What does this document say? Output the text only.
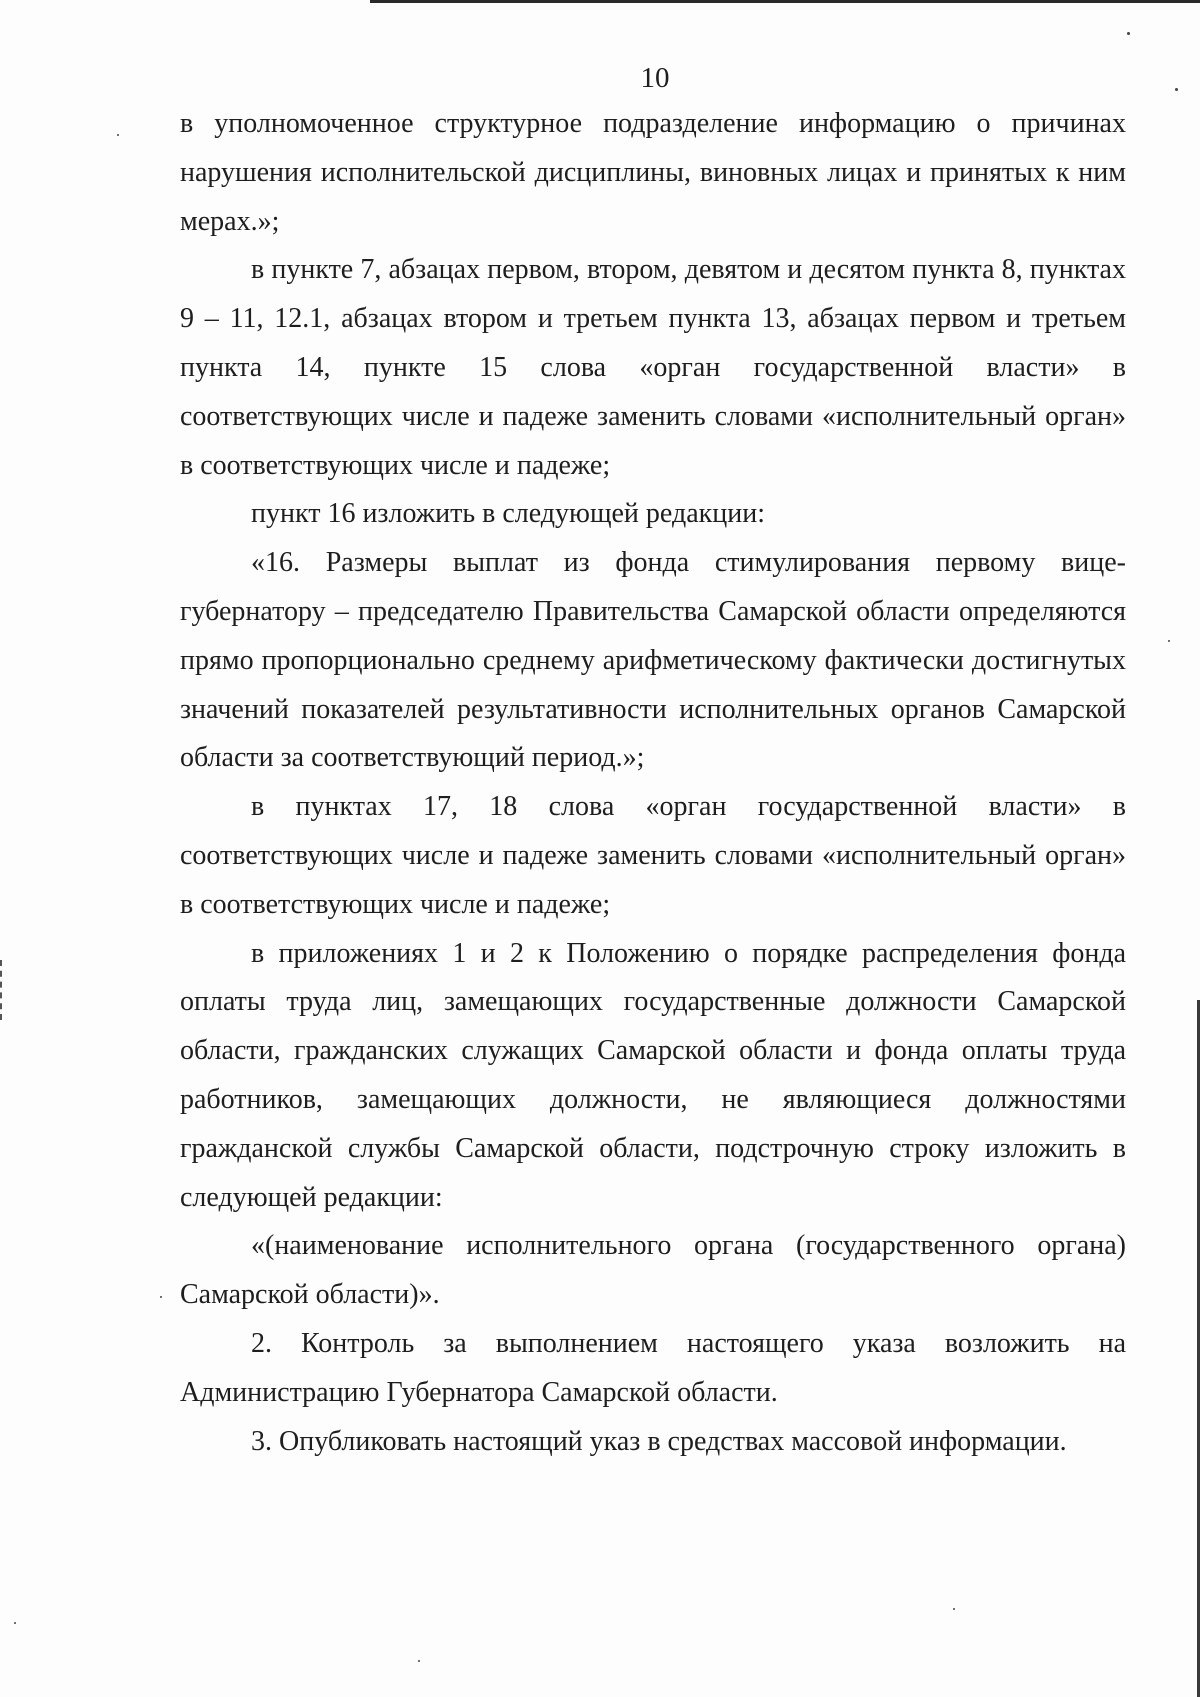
10

в уполномоченное структурное подразделение информацию о причинах нарушения исполнительской дисциплины, виновных лицах и принятых к ним мерах.»;

в пункте 7, абзацах первом, втором, девятом и десятом пункта 8, пунктах 9 – 11, 12.1, абзацах втором и третьем пункта 13, абзацах первом и третьем пункта 14, пункте 15 слова «орган государственной власти» в соответствующих числе и падеже заменить словами «исполнительный орган» в соответствующих числе и падеже;

пункт 16 изложить в следующей редакции:

«16. Размеры выплат из фонда стимулирования первому вице-губернатору – председателю Правительства Самарской области определяются прямо пропорционально среднему арифметическому фактически достигнутых значений показателей результативности исполнительных органов Самарской области за соответствующий период.»;

в пунктах 17, 18 слова «орган государственной власти» в соответствующих числе и падеже заменить словами «исполнительный орган» в соответствующих числе и падеже;

в приложениях 1 и 2 к Положению о порядке распределения фонда оплаты труда лиц, замещающих государственные должности Самарской области, гражданских служащих Самарской области и фонда оплаты труда работников, замещающих должности, не являющиеся должностями гражданской службы Самарской области, подстрочную строку изложить в следующей редакции:

«(наименование исполнительного органа (государственного органа) Самарской области)».

2. Контроль за выполнением настоящего указа возложить на Администрацию Губернатора Самарской области.

3. Опубликовать настоящий указ в средствах массовой информации.
